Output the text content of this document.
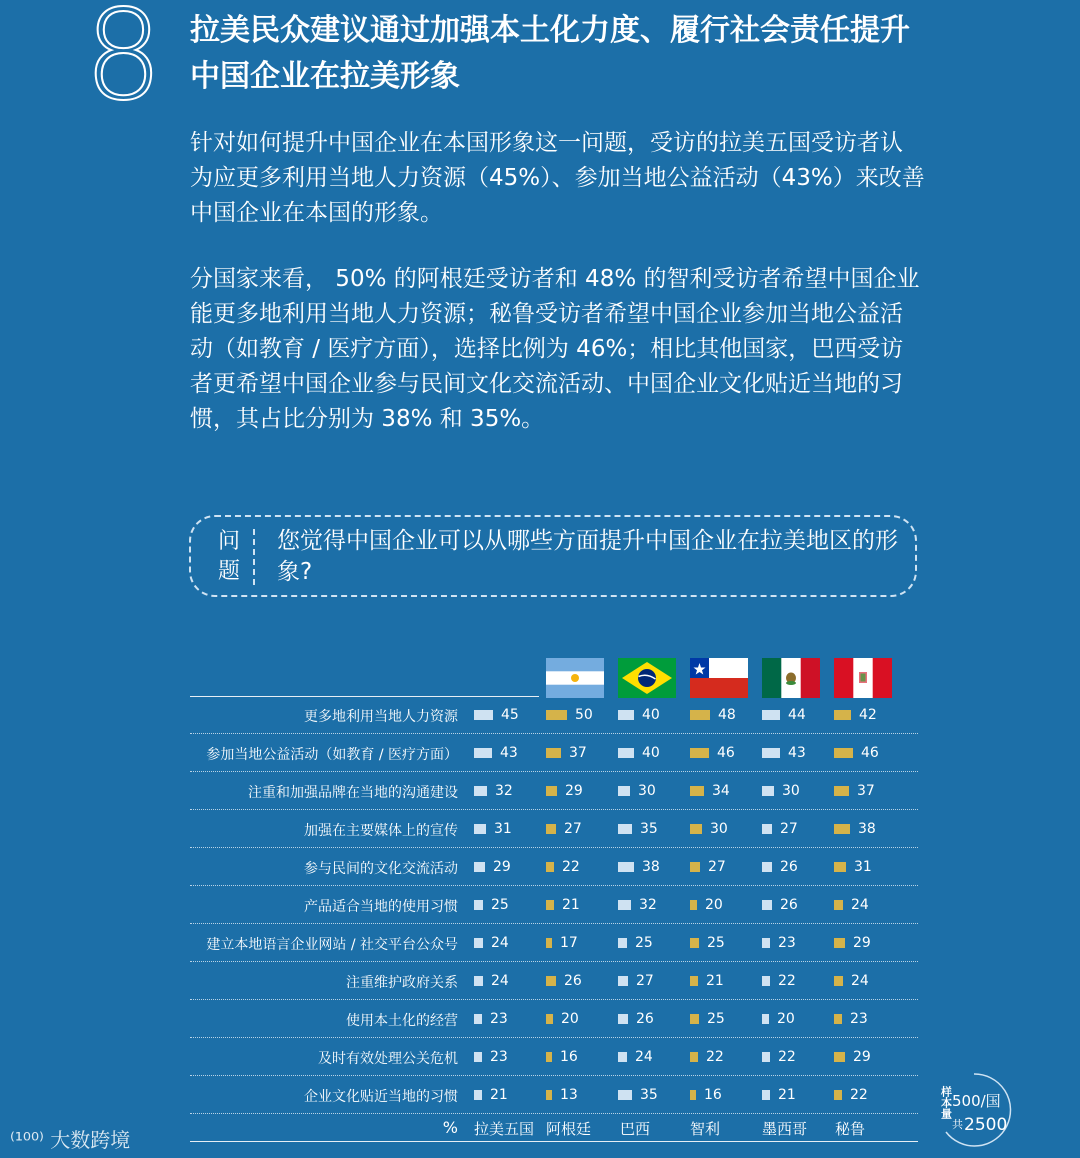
8 拉美民众建议通过加强本土化力度、履行社会责任提升中国企业在拉美形象
针对如何提升中国企业在本国形象这一问题，受访的拉美五国受访者认为应更多利用当地人力资源（45%）、参加当地公益活动（43%）来改善中国企业在本国的形象。
分国家来看， 50% 的阿根廷受访者和 48% 的智利受访者希望中国企业能更多地利用当地人力资源；秘鲁受访者希望中国企业参加当地公益活动（如教育 / 医疗方面），选择比例为 46%；相比其他国家，巴西受访者更希望中国企业参与民间文化交流活动、中国企业文化贴近当地的习惯，其占比分别为 38% 和 35%。
问题
您觉得中国企业可以从哪些方面提升中国企业在拉美地区的形象?
企业文化贴近当地的习惯 21	13	35	16	21	22
及时有效处理公关危机 23	16	24	22	22	29
使用本土化的经营 23	20	26	25	20	23
注重维护政府关系 24	26	27	21	22	24
建立本地语言企业网站 / 社交平台公众号 24	17	25	25	23	29
产品适合当地的使用习惯 25	21	32	20	26	24
参与民间的文化交流活动	29	22	38	27	26	31
加强在主要媒体上的宣传	31	27	35	30	27	38
注重和加强品牌在当地的沟通建设	32	29	30	34	30	37
参加当地公益活动（如教育 / 医疗方面）	43	37	40	46	43	46
更多地利用当地人力资源	45	50	40	48	44	42
% 拉美五国 阿根廷 巴西	智利	墨西哥 秘鲁
样本量 500/国
共 2500
⁽¹⁰⁰⁾ 大数跨境
